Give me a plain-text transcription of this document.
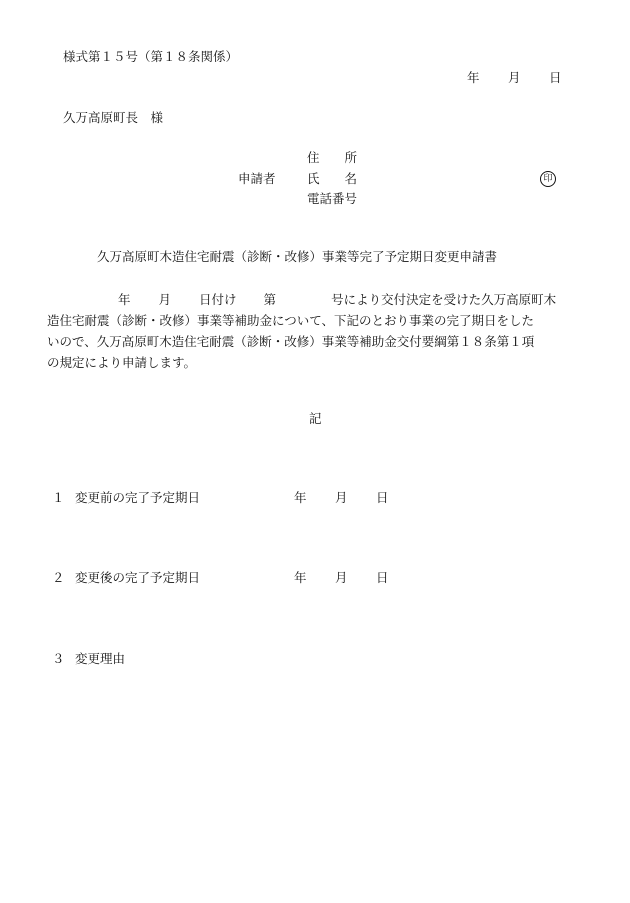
様式第１５号（第１８条関係）
年 月 日
久万高原町長　様
申請者
住　　所
氏　　名
電話番号
印
久万高原町木造住宅耐震（診断・改修）事業等完了予定期日変更申請書
年 月 日付け 第	号により交付決定を受けた久万高原町木
造住宅耐震（診断・改修）事業等補助金について、下記のとおり事業の完了期日をした
いので、久万高原町木造住宅耐震（診断・改修）事業等補助金交付要綱第１８条第１項
の規定により申請します。
記
１ 変更前の完了予定期日	年 月 日
２ 変更後の完了予定期日	年 月 日
３ 変更理由
